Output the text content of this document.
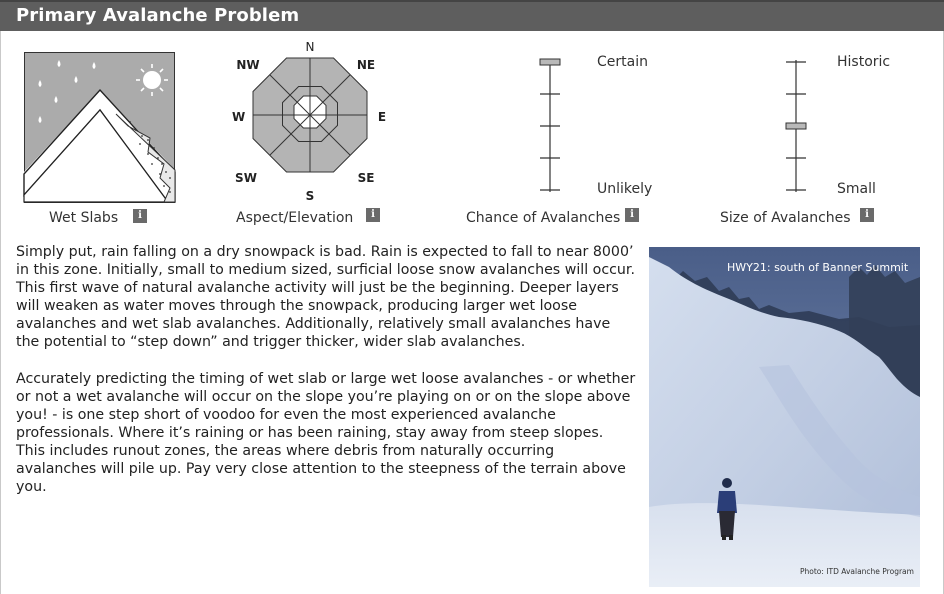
Primary Avalanche Problem
Wet Slabs	i
N
NE
E
SE
S
SW
W
NW
Aspect/Elevation	i
Certain
Unlikely
Chance of Avalanches i
Historic
Small
Size of Avalanches	i

Simply put, rain falling on a dry snowpack is bad. Rain is expected to fall to near 8000’ in this zone. Initially, small to medium sized, surficial loose snow avalanches will occur. This first wave of natural avalanche activity will just be the beginning. Deeper layers will weaken as water moves through the snowpack, producing larger wet loose avalanches and wet slab avalanches. Additionally, relatively small avalanches have the potential to “step down” and trigger thicker, wider slab avalanches.

Accurately predicting the timing of wet slab or large wet loose avalanches - or whether or not a wet avalanche will occur on the slope you’re playing on or on the slope above you! - is one step short of voodoo for even the most experienced avalanche professionals. Where it’s raining or has been raining, stay away from steep slopes. This includes runout zones, the areas where debris from naturally occurring avalanches will pile up. Pay very close attention to the steepness of the terrain above you.

HWY21: south of Banner Summit
Photo: ITD Avalanche Program
